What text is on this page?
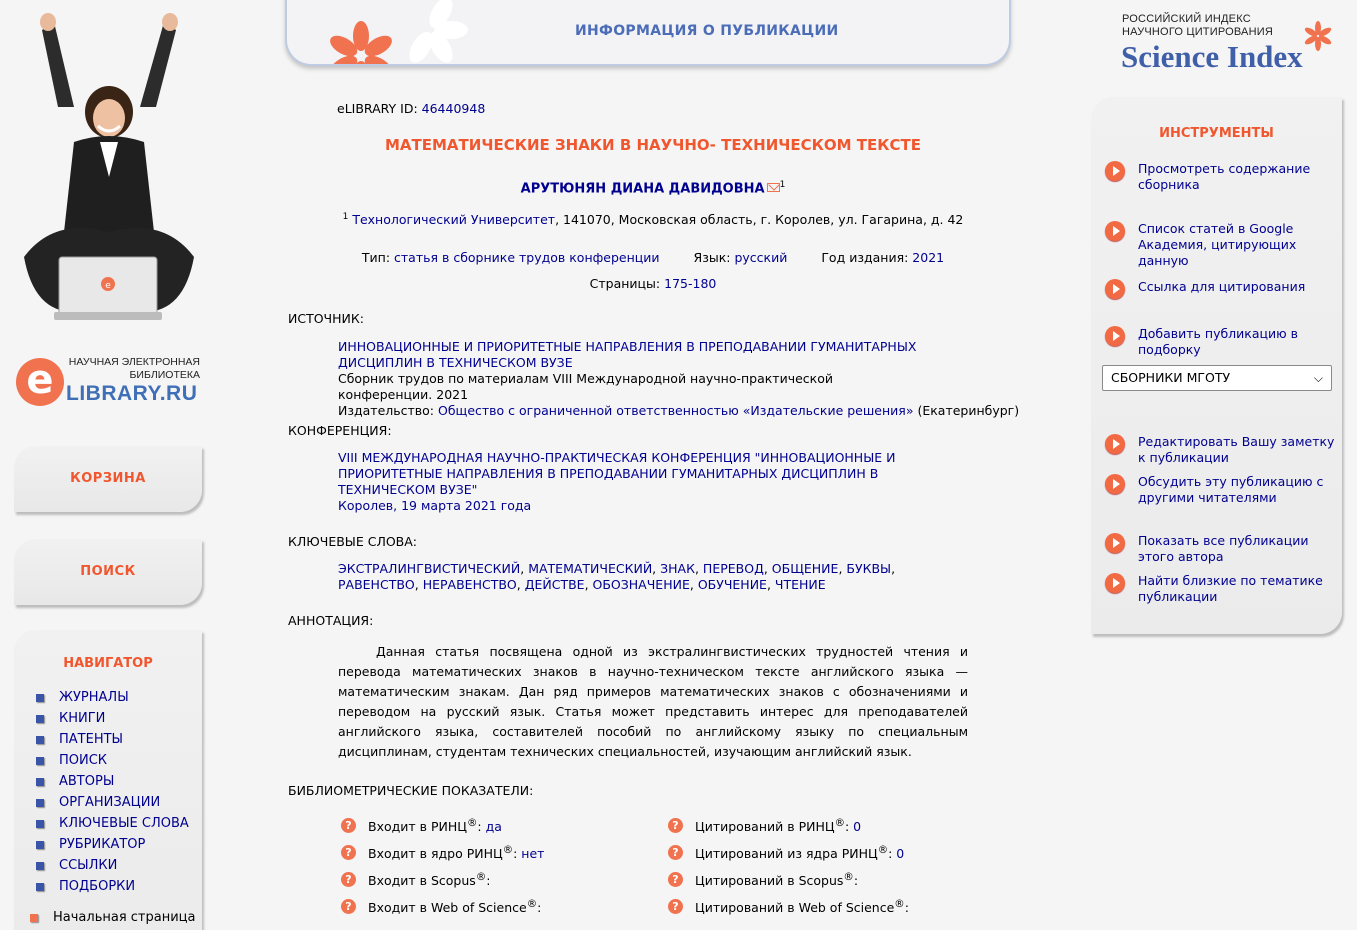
e
e	НАУЧНАЯ ЭЛЕКТРОННАЯ
БИБЛИОТЕКА
LIBRARY.RU
КОРЗИНА
ПОИСК
НАВИГАТОР
ЖУРНАЛЫ
КНИГИ
ПАТЕНТЫ
ПОИСК
АВТОРЫ
ОРГАНИЗАЦИИ
КЛЮЧЕВЫЕ СЛОВА
РУБРИКАТОР
ССЫЛКИ
ПОДБОРКИ
Начальная страница
ИНФОРМАЦИЯ О ПУБЛИКАЦИИ
РОССИЙСКИЙ ИНДЕКС
НАУЧНОГО ЦИТИРОВАНИЯ
Science Index
ИНСТРУМЕНТЫ
Просмотреть содержание сборника
Список статей в Google Академия, цитирующих данную
Ссылка для цитирования
Добавить публикацию в подборку
Редактировать Вашу заметку к публикации
Обсудить эту публикацию с другими читателями
Показать все публикации этого автора
Найти близкие по тематике публикации
СБОРНИКИ МГОТУ	⌵
eLIBRARY ID: 46440948
МАТЕМАТИЧЕСКИЕ ЗНАКИ В НАУЧНО- ТЕХНИЧЕСКОМ ТЕКСТЕ
АРУТЮНЯН ДИАНА ДАВИДОВНА $^1$
$^1$ Технологический Университет, 141070, Московская область, г. Королев, ул. Гагарина, д. 42
Тип: статья в сборнике трудов конференции	Язык: русский	Год издания: 2021
Страницы: 175-180
ИСТОЧНИК:
ИННОВАЦИОННЫЕ И ПРИОРИТЕТНЫЕ НАПРАВЛЕНИЯ В ПРЕПОДАВАНИИ ГУМАНИТАРНЫХ ДИСЦИПЛИН В ТЕХНИЧЕСКОМ ВУЗЕ
Сборник трудов по материалам VIII Международной научно-практической конференции. 2021
Издательство: Общество с ограниченной ответственностью «Издательские решения» (Екатеринбург)
КОНФЕРЕНЦИЯ:
VIII МЕЖДУНАРОДНАЯ НАУЧНО-ПРАКТИЧЕСКАЯ КОНФЕРЕНЦИЯ "ИННОВАЦИОННЫЕ И ПРИОРИТЕТНЫЕ НАПРАВЛЕНИЯ В ПРЕПОДАВАНИИ ГУМАНИТАРНЫХ ДИСЦИПЛИН В ТЕХНИЧЕСКОМ ВУЗЕ"
Королев, 19 марта 2021 года
КЛЮЧЕВЫЕ СЛОВА:
ЭКСТРАЛИНГВИСТИЧЕСКИЙ, МАТЕМАТИЧЕСКИЙ, ЗНАК, ПЕРЕВОД, ОБЩЕНИЕ, БУКВЫ, РАВЕНСТВО, НЕРАВЕНСТВО, ДЕЙСТВЕ, ОБОЗНАЧЕНИЕ, ОБУЧЕНИЕ, ЧТЕНИЕ
АННОТАЦИЯ:
Данная статья посвящена одной из экстралингвистических трудностей чтения и перевода математических знаков в научно-техническом тексте английского языка — математическим знакам. Дан ряд примеров математических знаков с обозначениями и переводом на русский язык. Статья может представить интерес для преподавателей английского языка, составителей пособий по английскому языку по специальным дисциплинам, студентам технических специальностей, изучающим английский язык.
БИБЛИОМЕТРИЧЕСКИЕ ПОКАЗАТЕЛИ:
?	Входит в РИНЦ®: да
?	Входит в ядро РИНЦ®: нет
?	Входит в Scopus®:
?	Входит в Web of Science®:
?	Цитирований в РИНЦ®: 0
?	Цитирований из ядра РИНЦ®: 0
?	Цитирований в Scopus®:
?	Цитирований в Web of Science®:
